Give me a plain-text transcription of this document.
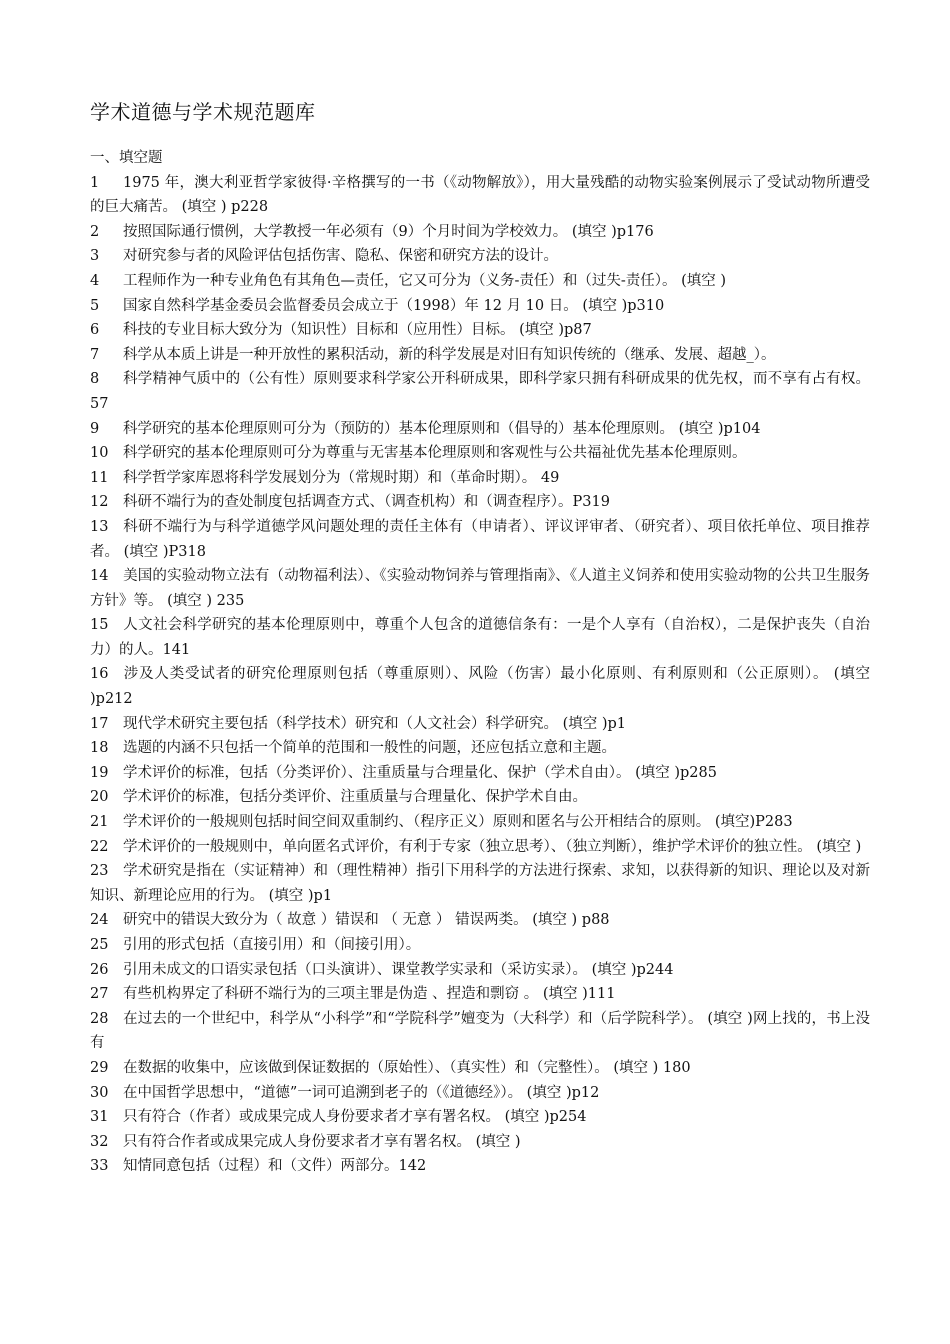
学术道德与学术规范题库

一、填空题

1 1975 年，澳大利亚哲学家彼得·辛格撰写的一书（《动物解放》），用大量残酷的动物实验案例展示了受试动物所遭受的巨大痛苦。 (填空 ) p228

2 按照国际通行惯例，大学教授一年必须有（9）个月时间为学校效力。 (填空 )p176

3 对研究参与者的风险评估包括伤害、隐私、保密和研究方法的设计。

4 工程师作为一种专业角色有其角色—责任，它又可分为（义务-责任）和（过失-责任）。 (填空 )

5 国家自然科学基金委员会监督委员会成立于（1998）年 12 月 10 日。 (填空 )p310

6 科技的专业目标大致分为（知识性）目标和（应用性）目标。 (填空 )p87

7 科学从本质上讲是一种开放性的累积活动，新的科学发展是对旧有知识传统的（继承、发展、超越_）。

8 科学精神气质中的（公有性）原则要求科学家公开科研成果，即科学家只拥有科研成果的优先权，而不享有占有权。 57

9 科学研究的基本伦理原则可分为（预防的）基本伦理原则和（倡导的）基本伦理原则。 (填空 )p104

10 科学研究的基本伦理原则可分为尊重与无害基本伦理原则和客观性与公共福祉优先基本伦理原则。

11 科学哲学家库恩将科学发展划分为（常规时期）和（革命时期）。 49

12 科研不端行为的查处制度包括调查方式、（调查机构）和（调查程序）。P319

13 科研不端行为与科学道德学风问题处理的责任主体有（申请者）、评议评审者、（研究者）、项目依托单位、项目推荐者。 (填空 )P318

14 美国的实验动物立法有（动物福利法）、《实验动物饲养与管理指南》、《人道主义饲养和使用实验动物的公共卫生服务方针》等。 (填空 ) 235

15 人文社会科学研究的基本伦理原则中，尊重个人包含的道德信条有：一是个人享有（自治权），二是保护丧失（自治力）的人。141

16 涉及人类受试者的研究伦理原则包括（尊重原则）、风险（伤害）最小化原则、有利原则和（公正原则）。 (填空 )p212

17 现代学术研究主要包括（科学技术）研究和（人文社会）科学研究。 (填空 )p1

18 选题的内涵不只包括一个简单的范围和一般性的问题，还应包括立意和主题。

19 学术评价的标准，包括（分类评价）、注重质量与合理量化、保护（学术自由）。 (填空 )p285

20 学术评价的标准，包括分类评价、注重质量与合理量化、保护学术自由。

21 学术评价的一般规则包括时间空间双重制约、（程序正义）原则和匿名与公开相结合的原则。 (填空)P283

22 学术评价的一般规则中，单向匿名式评价，有利于专家（独立思考）、（独立判断），维护学术评价的独立性。 (填空 )

23 学术研究是指在（实证精神）和（理性精神）指引下用科学的方法进行探索、求知，以获得新的知识、理论以及对新知识、新理论应用的行为。 (填空 )p1

24 研究中的错误大致分为（ 故意 ）错误和 （ 无意 ） 错误两类。 (填空 ) p88

25 引用的形式包括（直接引用）和（间接引用）。

26 引用未成文的口语实录包括（口头演讲）、课堂教学实录和（采访实录）。 (填空 )p244

27 有些机构界定了科研不端行为的三项主罪是伪造 、捏造和剽窃 。 (填空 )111

28 在过去的一个世纪中，科学从“小科学”和“学院科学”嬗变为（大科学）和（后学院科学）。 (填空 )网上找的，书上没有

29 在数据的收集中，应该做到保证数据的（原始性）、（真实性）和（完整性）。 (填空 ) 180

30 在中国哲学思想中，“道德”一词可追溯到老子的（《道德经》）。 (填空 )p12

31 只有符合（作者）或成果完成人身份要求者才享有署名权。 (填空 )p254

32 只有符合作者或成果完成人身份要求者才享有署名权。 (填空 )

33 知情同意包括（过程）和（文件）两部分。142
